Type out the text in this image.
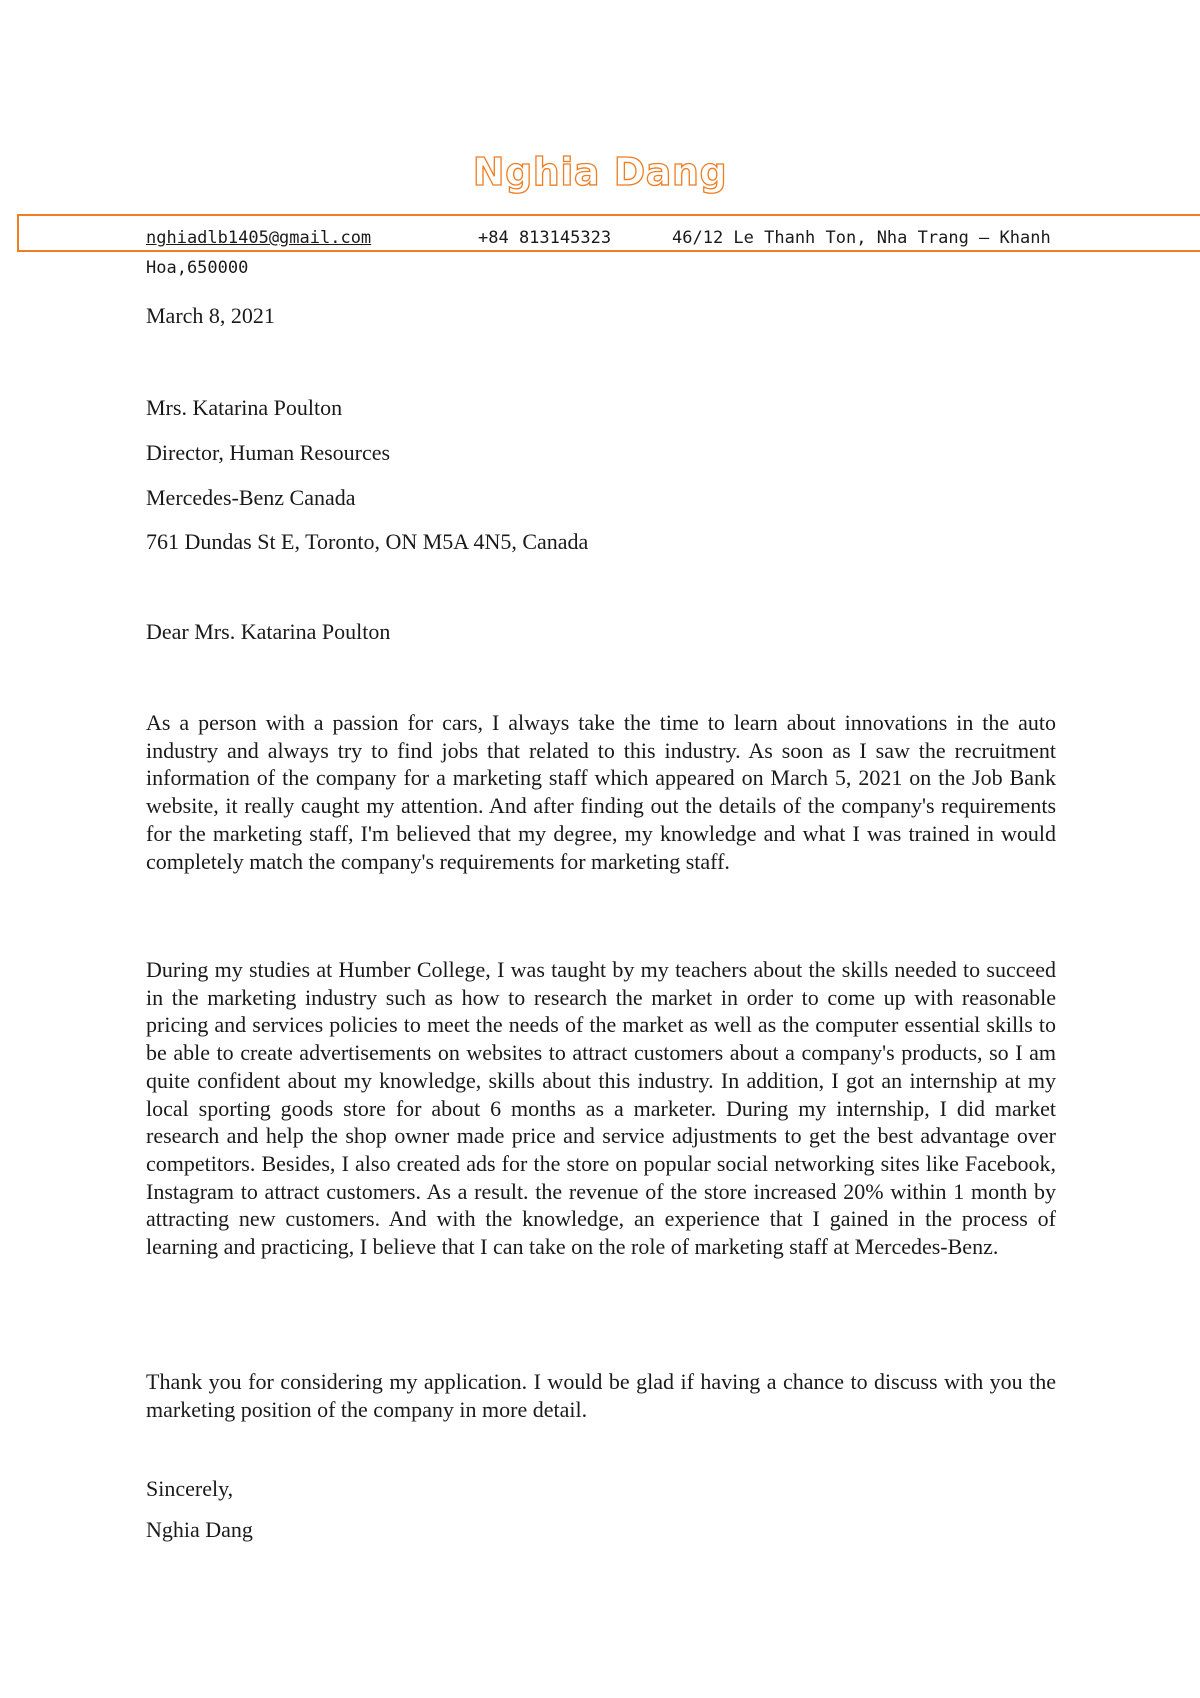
Nghia Dang
nghiadlb1405@gmail.com	+84 813145323	46/12 Le Thanh Ton, Nha Trang – Khanh
Hoa,650000
March 8, 2021
Mrs. Katarina Poulton
Director, Human Resources
Mercedes-Benz Canada
761 Dundas St E, Toronto, ON M5A 4N5, Canada
Dear Mrs. Katarina Poulton

As a person with a passion for cars, I always take the time to learn about innovations in the auto industry and always try to find jobs that related to this industry. As soon as I saw the recruitment information of the company for a marketing staff which appeared on March 5, 2021 on the Job Bank website, it really caught my attention. And after finding out the details of the company's requirements for the marketing staff, I'm believed that my degree, my knowledge and what I was trained in would completely match the company's requirements for marketing staff.

During my studies at Humber College, I was taught by my teachers about the skills needed to succeed in the marketing industry such as how to research the market in order to come up with reasonable pricing and services policies to meet the needs of the market as well as the computer essential skills to be able to create advertisements on websites to attract customers about a company's products, so I am quite confident about my knowledge, skills about this industry. In addition, I got an internship at my local sporting goods store for about 6 months as a marketer. During my internship, I did market research and help the shop owner made price and service adjustments to get the best advantage over competitors. Besides, I also created ads for the store on popular social networking sites like Facebook, Instagram to attract customers. As a result. the revenue of the store increased 20% within 1 month by attracting new customers. And with the knowledge, an experience that I gained in the process of learning and practicing, I believe that I can take on the role of marketing staff at Mercedes-Benz.

Thank you for considering my application. I would be glad if having a chance to discuss with you the marketing position of the company in more detail.

Sincerely,
Nghia Dang
